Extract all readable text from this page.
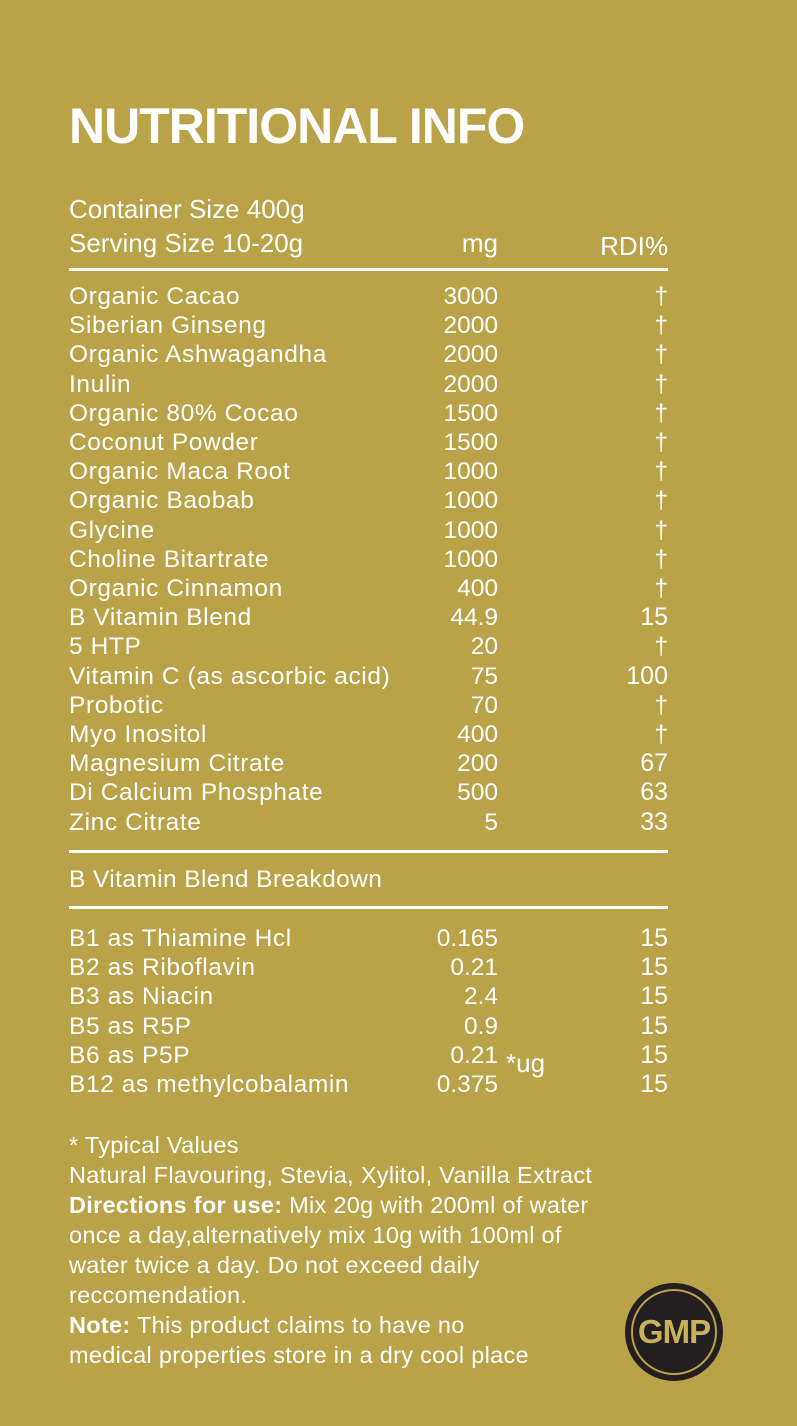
NUTRITIONAL INFO
Container Size 400g
Serving Size 10-20g	mg	RDI%
Organic Cacao	3000	†
Siberian Ginseng	2000	†
Organic Ashwagandha	2000	†
Inulin	2000	†
Organic 80% Cocao	1500	†
Coconut Powder	1500	†
Organic Maca Root	1000	†
Organic Baobab	1000	†
Glycine	1000	†
Choline Bitartrate	1000	†
Organic Cinnamon	400	†
B Vitamin Blend	44.9	15
5 HTP	20	†
Vitamin C (as ascorbic acid)	75	100
Probotic	70	†
Myo Inositol	400	†
Magnesium Citrate	200	67
Di Calcium Phosphate	500	63
Zinc Citrate	5	33
B Vitamin Blend Breakdown
B1 as Thiamine Hcl	0.165	15
B2 as Riboflavin	0.21	15
B3 as Niacin	2.4	15
B5 as R5P	0.9	15
B6 as P5P	0.21	15
B12 as methylcobalamin	0.375	15
*ug
* Typical Values
Natural Flavouring, Stevia, Xylitol, Vanilla Extract
Directions for use: Mix 20g with 200ml of water
once a day,alternatively mix 10g with 100ml of
water twice a day. Do not exceed daily
reccomendation.
Note: This product claims to have no
medical properties store in a dry cool place
GMP
